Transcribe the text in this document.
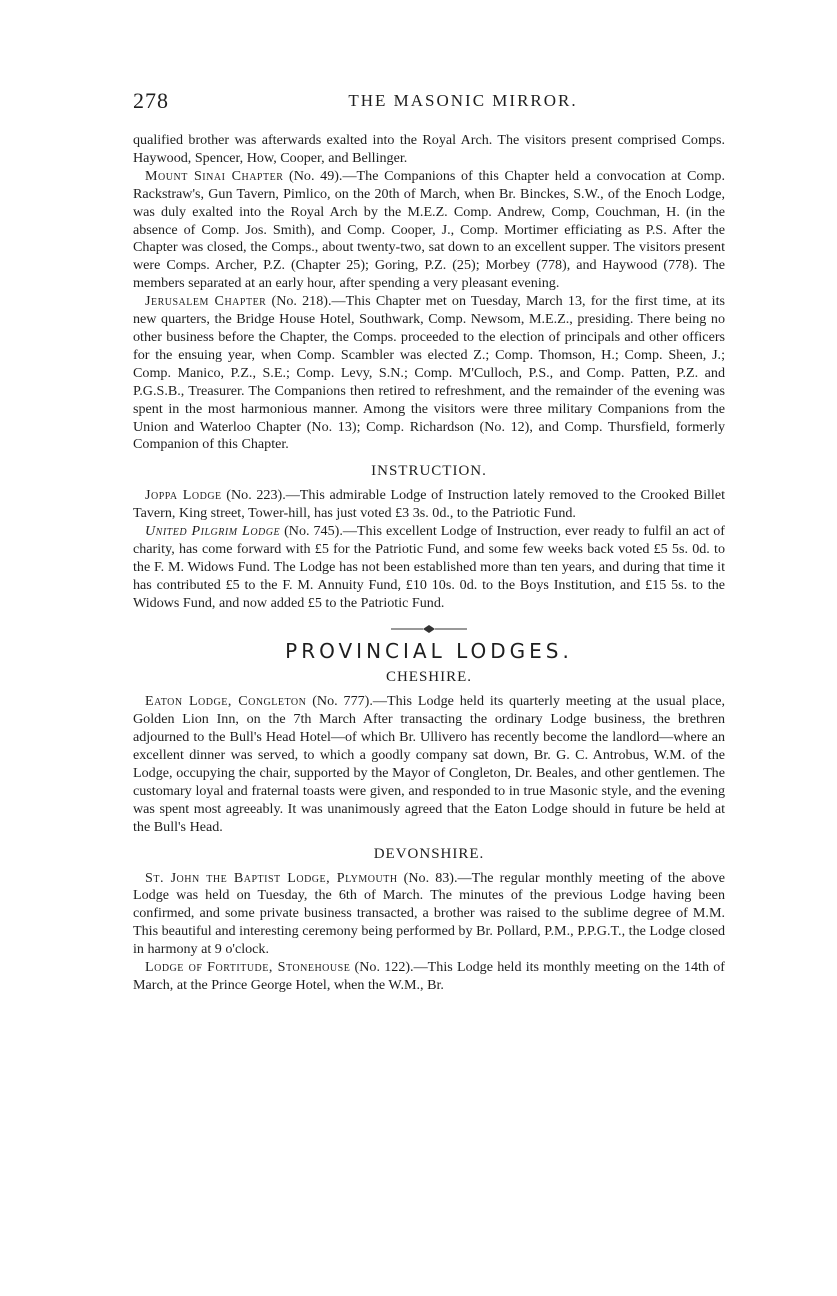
278	THE MASONIC MIRROR.

qualified brother was afterwards exalted into the Royal Arch. The visitors present comprised Comps. Haywood, Spencer, How, Cooper, and Bellinger.

Mount Sinai Chapter (No. 49).—The Companions of this Chapter held a convocation at Comp. Rackstraw's, Gun Tavern, Pimlico, on the 20th of March, when Br. Binckes, S.W., of the Enoch Lodge, was duly exalted into the Royal Arch by the M.E.Z. Comp. Andrew, Comp, Couchman, H. (in the absence of Comp. Jos. Smith), and Comp. Cooper, J., Comp. Mortimer efficiating as P.S. After the Chapter was closed, the Comps., about twenty-two, sat down to an excellent supper. The visitors present were Comps. Archer, P.Z. (Chapter 25); Goring, P.Z. (25); Morbey (778), and Haywood (778). The members separated at an early hour, after spending a very pleasant evening.

Jerusalem Chapter (No. 218).—This Chapter met on Tuesday, March 13, for the first time, at its new quarters, the Bridge House Hotel, Southwark, Comp. Newsom, M.E.Z., presiding. There being no other business before the Chapter, the Comps. proceeded to the election of principals and other officers for the ensuing year, when Comp. Scambler was elected Z.; Comp. Thomson, H.; Comp. Sheen, J.; Comp. Manico, P.Z., S.E.; Comp. Levy, S.N.; Comp. M'Culloch, P.S., and Comp. Patten, P.Z. and P.G.S.B., Treasurer. The Companions then retired to refreshment, and the remainder of the evening was spent in the most harmonious manner. Among the visitors were three military Companions from the Union and Waterloo Chapter (No. 13); Comp. Richardson (No. 12), and Comp. Thursfield, formerly Companion of this Chapter.

INSTRUCTION.

Joppa Lodge (No. 223).—This admirable Lodge of Instruction lately removed to the Crooked Billet Tavern, King street, Tower-hill, has just voted £3 3s. 0d., to the Patriotic Fund.

United Pilgrim Lodge (No. 745).—This excellent Lodge of Instruction, ever ready to fulfil an act of charity, has come forward with £5 for the Patriotic Fund, and some few weeks back voted £5 5s. 0d. to the F. M. Widows Fund. The Lodge has not been established more than ten years, and during that time it has contributed £5 to the F. M. Annuity Fund, £10 10s. 0d. to the Boys Institution, and £15 5s. to the Widows Fund, and now added £5 to the Patriotic Fund.

PROVINCIAL LODGES.
CHESHIRE.

Eaton Lodge, Congleton (No. 777).—This Lodge held its quarterly meeting at the usual place, Golden Lion Inn, on the 7th March After transacting the ordinary Lodge business, the brethren adjourned to the Bull's Head Hotel—of which Br. Ullivero has recently become the landlord—where an excellent dinner was served, to which a goodly company sat down, Br. G. C. Antrobus, W.M. of the Lodge, occupying the chair, supported by the Mayor of Congleton, Dr. Beales, and other gentlemen. The customary loyal and fraternal toasts were given, and responded to in true Masonic style, and the evening was spent most agreeably. It was unanimously agreed that the Eaton Lodge should in future be held at the Bull's Head.

DEVONSHIRE.

St. John the Baptist Lodge, Plymouth (No. 83).—The regular monthly meeting of the above Lodge was held on Tuesday, the 6th of March. The minutes of the previous Lodge having been confirmed, and some private business transacted, a brother was raised to the sublime degree of M.M. This beautiful and interesting ceremony being performed by Br. Pollard, P.M., P.P.G.T., the Lodge closed in harmony at 9 o'clock.

Lodge of Fortitude, Stonehouse (No. 122).—This Lodge held its monthly meeting on the 14th of March, at the Prince George Hotel, when the W.M., Br.
